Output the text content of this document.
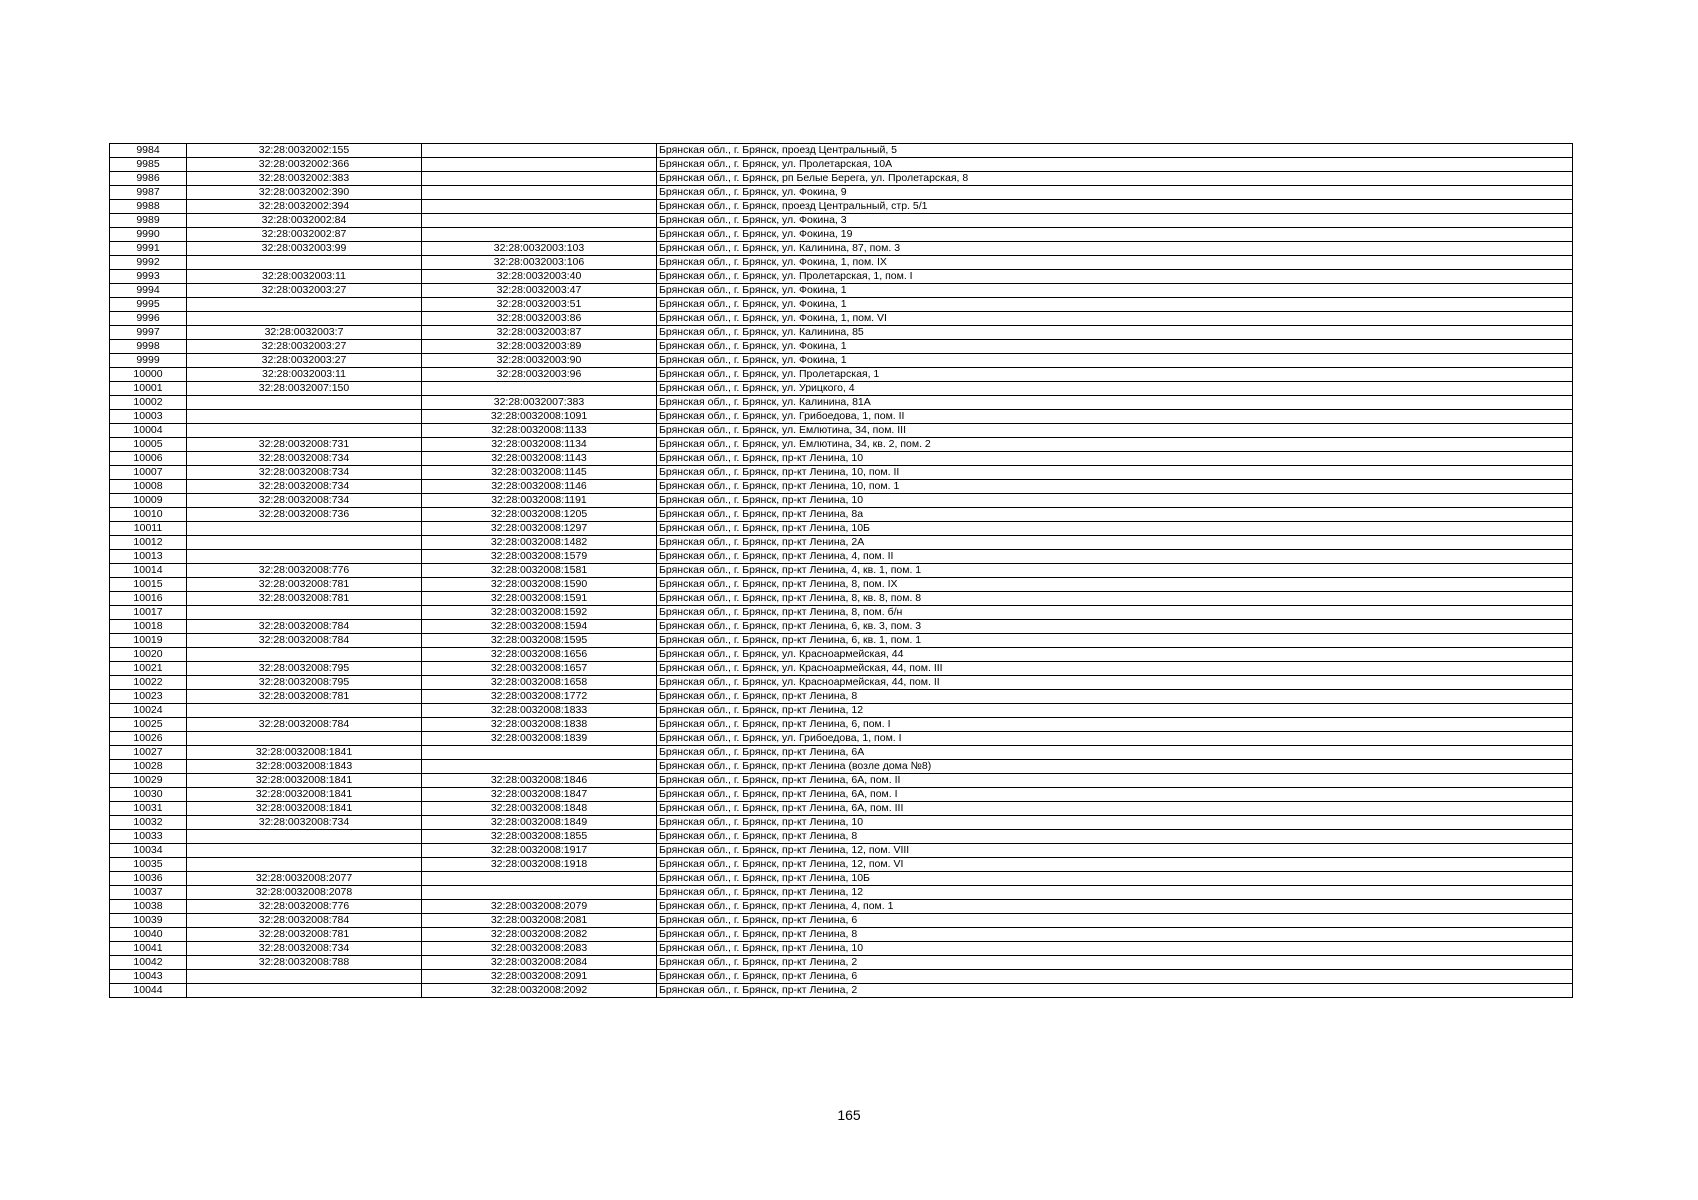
9984	32:28:0032002:155		Брянская обл., г. Брянск, проезд Центральный, 5
9985	32:28:0032002:366		Брянская обл., г. Брянск, ул. Пролетарская, 10А
9986	32:28:0032002:383		Брянская обл., г. Брянск, рп Белые Берега, ул. Пролетарская, 8
9987	32:28:0032002:390		Брянская обл., г. Брянск, ул. Фокина, 9
9988	32:28:0032002:394		Брянская обл., г. Брянск, проезд Центральный, стр. 5/1
9989	32:28:0032002:84		Брянская обл., г. Брянск, ул. Фокина, 3
9990	32:28:0032002:87		Брянская обл., г. Брянск, ул. Фокина, 19
9991	32:28:0032003:99	32:28:0032003:103	Брянская обл., г. Брянск, ул. Калинина, 87, пом. 3
9992		32:28:0032003:106	Брянская обл., г. Брянск, ул. Фокина, 1, пом. IX
9993	32:28:0032003:11	32:28:0032003:40	Брянская обл., г. Брянск, ул. Пролетарская, 1, пом. I
9994	32:28:0032003:27	32:28:0032003:47	Брянская обл., г. Брянск, ул. Фокина, 1
9995		32:28:0032003:51	Брянская обл., г. Брянск, ул. Фокина, 1
9996		32:28:0032003:86	Брянская обл., г. Брянск, ул. Фокина, 1, пом. VI
9997	32:28:0032003:7	32:28:0032003:87	Брянская обл., г. Брянск, ул. Калинина, 85
9998	32:28:0032003:27	32:28:0032003:89	Брянская обл., г. Брянск, ул. Фокина, 1
9999	32:28:0032003:27	32:28:0032003:90	Брянская обл., г. Брянск, ул. Фокина, 1
10000	32:28:0032003:11	32:28:0032003:96	Брянская обл., г. Брянск, ул. Пролетарская, 1
10001	32:28:0032007:150		Брянская обл., г. Брянск, ул. Урицкого, 4
10002		32:28:0032007:383	Брянская обл., г. Брянск, ул. Калинина, 81А
10003		32:28:0032008:1091	Брянская обл., г. Брянск, ул. Грибоедова, 1, пом. II
10004		32:28:0032008:1133	Брянская обл., г. Брянск, ул. Емлютина, 34, пом. III
10005	32:28:0032008:731	32:28:0032008:1134	Брянская обл., г. Брянск, ул. Емлютина, 34, кв. 2, пом. 2
10006	32:28:0032008:734	32:28:0032008:1143	Брянская обл., г. Брянск, пр-кт Ленина, 10
10007	32:28:0032008:734	32:28:0032008:1145	Брянская обл., г. Брянск, пр-кт Ленина, 10, пом. II
10008	32:28:0032008:734	32:28:0032008:1146	Брянская обл., г. Брянск, пр-кт Ленина, 10, пом. 1
10009	32:28:0032008:734	32:28:0032008:1191	Брянская обл., г. Брянск, пр-кт Ленина, 10
10010	32:28:0032008:736	32:28:0032008:1205	Брянская обл., г. Брянск, пр-кт Ленина, 8а
10011		32:28:0032008:1297	Брянская обл., г. Брянск, пр-кт Ленина, 10Б
10012		32:28:0032008:1482	Брянская обл., г. Брянск, пр-кт Ленина, 2А
10013		32:28:0032008:1579	Брянская обл., г. Брянск, пр-кт Ленина, 4, пом. II
10014	32:28:0032008:776	32:28:0032008:1581	Брянская обл., г. Брянск, пр-кт Ленина, 4, кв. 1, пом. 1
10015	32:28:0032008:781	32:28:0032008:1590	Брянская обл., г. Брянск, пр-кт Ленина, 8, пом. IX
10016	32:28:0032008:781	32:28:0032008:1591	Брянская обл., г. Брянск, пр-кт Ленина, 8, кв. 8, пом. 8
10017		32:28:0032008:1592	Брянская обл., г. Брянск, пр-кт Ленина, 8, пом. б/н
10018	32:28:0032008:784	32:28:0032008:1594	Брянская обл., г. Брянск, пр-кт Ленина, 6, кв. 3, пом. 3
10019	32:28:0032008:784	32:28:0032008:1595	Брянская обл., г. Брянск, пр-кт Ленина, 6, кв. 1, пом. 1
10020		32:28:0032008:1656	Брянская обл., г. Брянск, ул. Красноармейская, 44
10021	32:28:0032008:795	32:28:0032008:1657	Брянская обл., г. Брянск, ул. Красноармейская, 44, пом. III
10022	32:28:0032008:795	32:28:0032008:1658	Брянская обл., г. Брянск, ул. Красноармейская, 44, пом. II
10023	32:28:0032008:781	32:28:0032008:1772	Брянская обл., г. Брянск, пр-кт Ленина, 8
10024		32:28:0032008:1833	Брянская обл., г. Брянск, пр-кт Ленина, 12
10025	32:28:0032008:784	32:28:0032008:1838	Брянская обл., г. Брянск, пр-кт Ленина, 6, пом. I
10026		32:28:0032008:1839	Брянская обл., г. Брянск, ул. Грибоедова, 1, пом. I
10027	32:28:0032008:1841		Брянская обл., г. Брянск, пр-кт Ленина, 6А
10028	32:28:0032008:1843		Брянская обл., г. Брянск, пр-кт Ленина (возле дома №8)
10029	32:28:0032008:1841	32:28:0032008:1846	Брянская обл., г. Брянск, пр-кт Ленина, 6А, пом. II
10030	32:28:0032008:1841	32:28:0032008:1847	Брянская обл., г. Брянск, пр-кт Ленина, 6А, пом. I
10031	32:28:0032008:1841	32:28:0032008:1848	Брянская обл., г. Брянск, пр-кт Ленина, 6А, пом. III
10032	32:28:0032008:734	32:28:0032008:1849	Брянская обл., г. Брянск, пр-кт Ленина, 10
10033		32:28:0032008:1855	Брянская обл., г. Брянск, пр-кт Ленина, 8
10034		32:28:0032008:1917	Брянская обл., г. Брянск, пр-кт Ленина, 12, пом. VIII
10035		32:28:0032008:1918	Брянская обл., г. Брянск, пр-кт Ленина, 12, пом. VI
10036	32:28:0032008:2077		Брянская обл., г. Брянск, пр-кт Ленина, 10Б
10037	32:28:0032008:2078		Брянская обл., г. Брянск, пр-кт Ленина, 12
10038	32:28:0032008:776	32:28:0032008:2079	Брянская обл., г. Брянск, пр-кт Ленина, 4, пом. 1
10039	32:28:0032008:784	32:28:0032008:2081	Брянская обл., г. Брянск, пр-кт Ленина, 6
10040	32:28:0032008:781	32:28:0032008:2082	Брянская обл., г. Брянск, пр-кт Ленина, 8
10041	32:28:0032008:734	32:28:0032008:2083	Брянская обл., г. Брянск, пр-кт Ленина, 10
10042	32:28:0032008:788	32:28:0032008:2084	Брянская обл., г. Брянск, пр-кт Ленина, 2
10043		32:28:0032008:2091	Брянская обл., г. Брянск, пр-кт Ленина, 6
10044		32:28:0032008:2092	Брянская обл., г. Брянск, пр-кт Ленина, 2
165
